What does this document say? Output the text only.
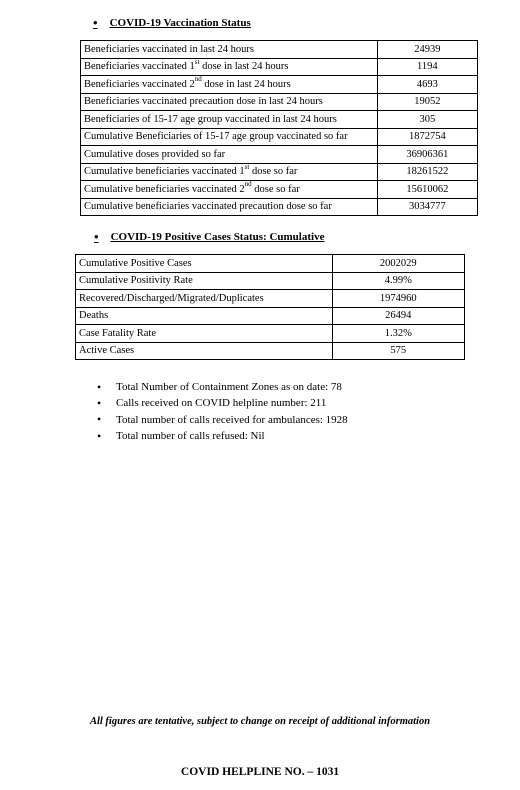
• COVID-19 Vaccination Status
Beneficiaries vaccinated in last 24 hours	24939
Beneficiaries vaccinated 1st dose in last 24 hours	1194
Beneficiaries vaccinated 2nd dose in last 24 hours	4693
Beneficiaries vaccinated precaution dose in last 24 hours	19052
Beneficiaries of 15-17 age group vaccinated in last 24 hours	305
Cumulative Beneficiaries of 15-17 age group vaccinated so far	1872754
Cumulative doses provided so far	36906361
Cumulative beneficiaries vaccinated 1st dose so far	18261522
Cumulative beneficiaries vaccinated 2nd dose so far	15610062
Cumulative beneficiaries vaccinated precaution dose so far	3034777
• COVID-19 Positive Cases Status: Cumulative
Cumulative Positive Cases	2002029
Cumulative Positivity Rate	4.99%
Recovered/Discharged/Migrated/Duplicates	1974960
Deaths	26494
Case Fatality Rate	1.32%
Active Cases	575
•	Total Number of Containment Zones as on date: 78
•	Calls received on COVID helpline number: 211
•	Total number of calls received for ambulances: 1928
•	Total number of calls refused: Nil
All figures are tentative, subject to change on receipt of additional information
COVID HELPLINE NO. – 1031
